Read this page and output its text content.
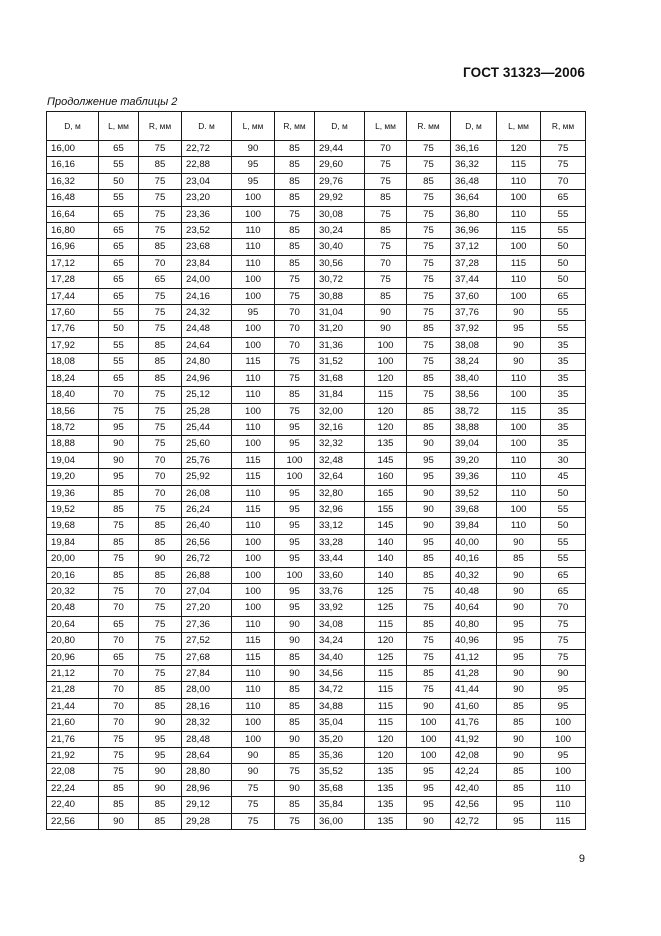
ГОСТ 31323—2006
Продолжение таблицы 2
D, м	L, мм	R, мм	D. м	L, мм	R, мм	D, м	L, мм	R. мм	D, м	L, мм	R, мм
16,00	65	75	22,72	90	85	29,44	70	75	36,16	120	75
16,16	55	85	22,88	95	85	29,60	75	75	36,32	115	75
16,32	50	75	23,04	95	85	29,76	75	85	36,48	110	70
16,48	55	75	23,20	100	85	29,92	85	75	36,64	100	65
16,64	65	75	23,36	100	75	30,08	75	75	36,80	110	55
16,80	65	75	23,52	110	85	30,24	85	75	36,96	115	55
16,96	65	85	23,68	110	85	30,40	75	75	37,12	100	50
17,12	65	70	23,84	110	85	30,56	70	75	37,28	115	50
17,28	65	65	24,00	100	75	30,72	75	75	37,44	110	50
17,44	65	75	24,16	100	75	30,88	85	75	37,60	100	65
17,60	55	75	24,32	95	70	31,04	90	75	37,76	90	55
17,76	50	75	24,48	100	70	31,20	90	85	37,92	95	55
17,92	55	85	24,64	100	70	31,36	100	75	38,08	90	35
18,08	55	85	24,80	115	75	31,52	100	75	38,24	90	35
18,24	65	85	24,96	110	75	31,68	120	85	38,40	110	35
18,40	70	75	25,12	110	85	31,84	115	75	38,56	100	35
18,56	75	75	25,28	100	75	32,00	120	85	38,72	115	35
18,72	95	75	25,44	110	95	32,16	120	85	38,88	100	35
18,88	90	75	25,60	100	95	32,32	135	90	39,04	100	35
19,04	90	70	25,76	115	100	32,48	145	95	39,20	110	30
19,20	95	70	25,92	115	100	32,64	160	95	39,36	110	45
19,36	85	70	26,08	110	95	32,80	165	90	39,52	110	50
19,52	85	75	26,24	115	95	32,96	155	90	39,68	100	55
19,68	75	85	26,40	110	95	33,12	145	90	39,84	110	50
19,84	85	85	26,56	100	95	33,28	140	95	40,00	90	55
20,00	75	90	26,72	100	95	33,44	140	85	40,16	85	55
20,16	85	85	26,88	100	100	33,60	140	85	40,32	90	65
20,32	75	70	27,04	100	95	33,76	125	75	40,48	90	65
20,48	70	75	27,20	100	95	33,92	125	75	40,64	90	70
20,64	65	75	27,36	110	90	34,08	115	85	40,80	95	75
20,80	70	75	27,52	115	90	34,24	120	75	40,96	95	75
20,96	65	75	27,68	115	85	34,40	125	75	41,12	95	75
21,12	70	75	27,84	110	90	34,56	115	85	41,28	90	90
21,28	70	85	28,00	110	85	34,72	115	75	41,44	90	95
21,44	70	85	28,16	110	85	34,88	115	90	41,60	85	95
21,60	70	90	28,32	100	85	35,04	115	100	41,76	85	100
21,76	75	95	28,48	100	90	35,20	120	100	41,92	90	100
21,92	75	95	28,64	90	85	35,36	120	100	42,08	90	95
22,08	75	90	28,80	90	75	35,52	135	95	42,24	85	100
22,24	85	90	28,96	75	90	35,68	135	95	42,40	85	110
22,40	85	85	29,12	75	85	35,84	135	95	42,56	95	110
22,56	90	85	29,28	75	75	36,00	135	90	42,72	95	115
9
